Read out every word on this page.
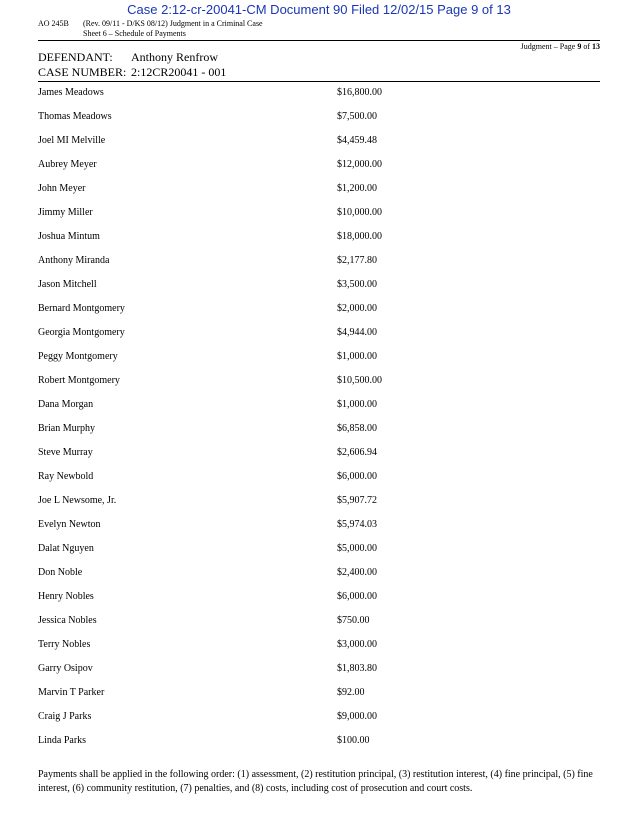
Case 2:12-cr-20041-CM Document 90 Filed 12/02/15 Page 9 of 13
AO 245B (Rev. 09/11 - D/KS 08/12) Judgment in a Criminal Case
Sheet 6 – Schedule of Payments
Judgment – Page 9 of 13
DEFENDANT: Anthony Renfrow
CASE NUMBER: 2:12CR20041 - 001
James Meadows	$16,800.00
Thomas Meadows	$7,500.00
Joel MI Melville	$4,459.48
Aubrey Meyer	$12,000.00
John Meyer	$1,200.00
Jimmy Miller	$10,000.00
Joshua Mintum	$18,000.00
Anthony Miranda	$2,177.80
Jason Mitchell	$3,500.00
Bernard Montgomery	$2,000.00
Georgia Montgomery	$4,944.00
Peggy Montgomery	$1,000.00
Robert Montgomery	$10,500.00
Dana Morgan	$1,000.00
Brian Murphy	$6,858.00
Steve Murray	$2,606.94
Ray Newbold	$6,000.00
Joe L Newsome, Jr.	$5,907.72
Evelyn Newton	$5,974.03
Dalat Nguyen	$5,000.00
Don Noble	$2,400.00
Henry Nobles	$6,000.00
Jessica Nobles	$750.00
Terry Nobles	$3,000.00
Garry Osipov	$1,803.80
Marvin T Parker	$92.00
Craig J Parks	$9,000.00
Linda Parks	$100.00
Payments shall be applied in the following order: (1) assessment, (2) restitution principal, (3) restitution interest, (4) fine principal, (5) fine interest, (6) community restitution, (7) penalties, and (8) costs, including cost of prosecution and court costs.
